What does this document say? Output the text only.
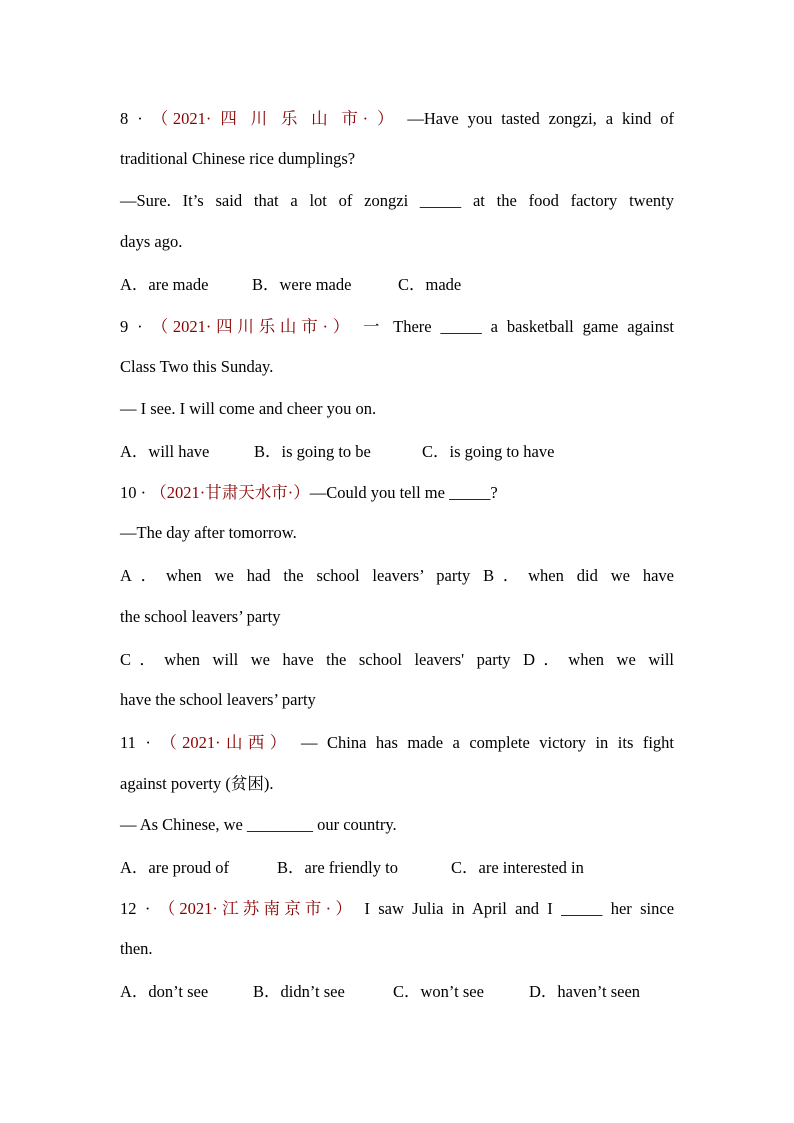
8 · （2021· 四 川 乐 山 市· ） —Have you tasted zongzi, a kind of
traditional Chinese rice dumplings?
—Sure. It’s said that a lot of zongzi _____ at the food factory twenty
days ago.
A．are made	B．were made	C．made
9 · （2021·四川乐山市·） 一 There _____ a basketball game against
Class Two this Sunday.
— I see. I will come and cheer you on.
A．will have	B．is going to be	C．is going to have
10 · （2021·甘肃天水市·）—Could you tell me _____?
—The day after tomorrow.
A．when we had the school leavers’ party B．when did we have
the school leavers’ party
C．when will we have the school leavers' party D．when we will
have the school leavers’ party
11 · （2021·山西） — China has made a complete victory in its fight
against poverty (贫困).
— As Chinese, we ________ our country.
A．are proud of	B．are friendly to	C．are interested in
12 · （2021·江苏南京市·） I saw Julia in April and I _____ her since
then.
A．don’t see	B．didn’t see	C．won’t see	D．haven’t seen
